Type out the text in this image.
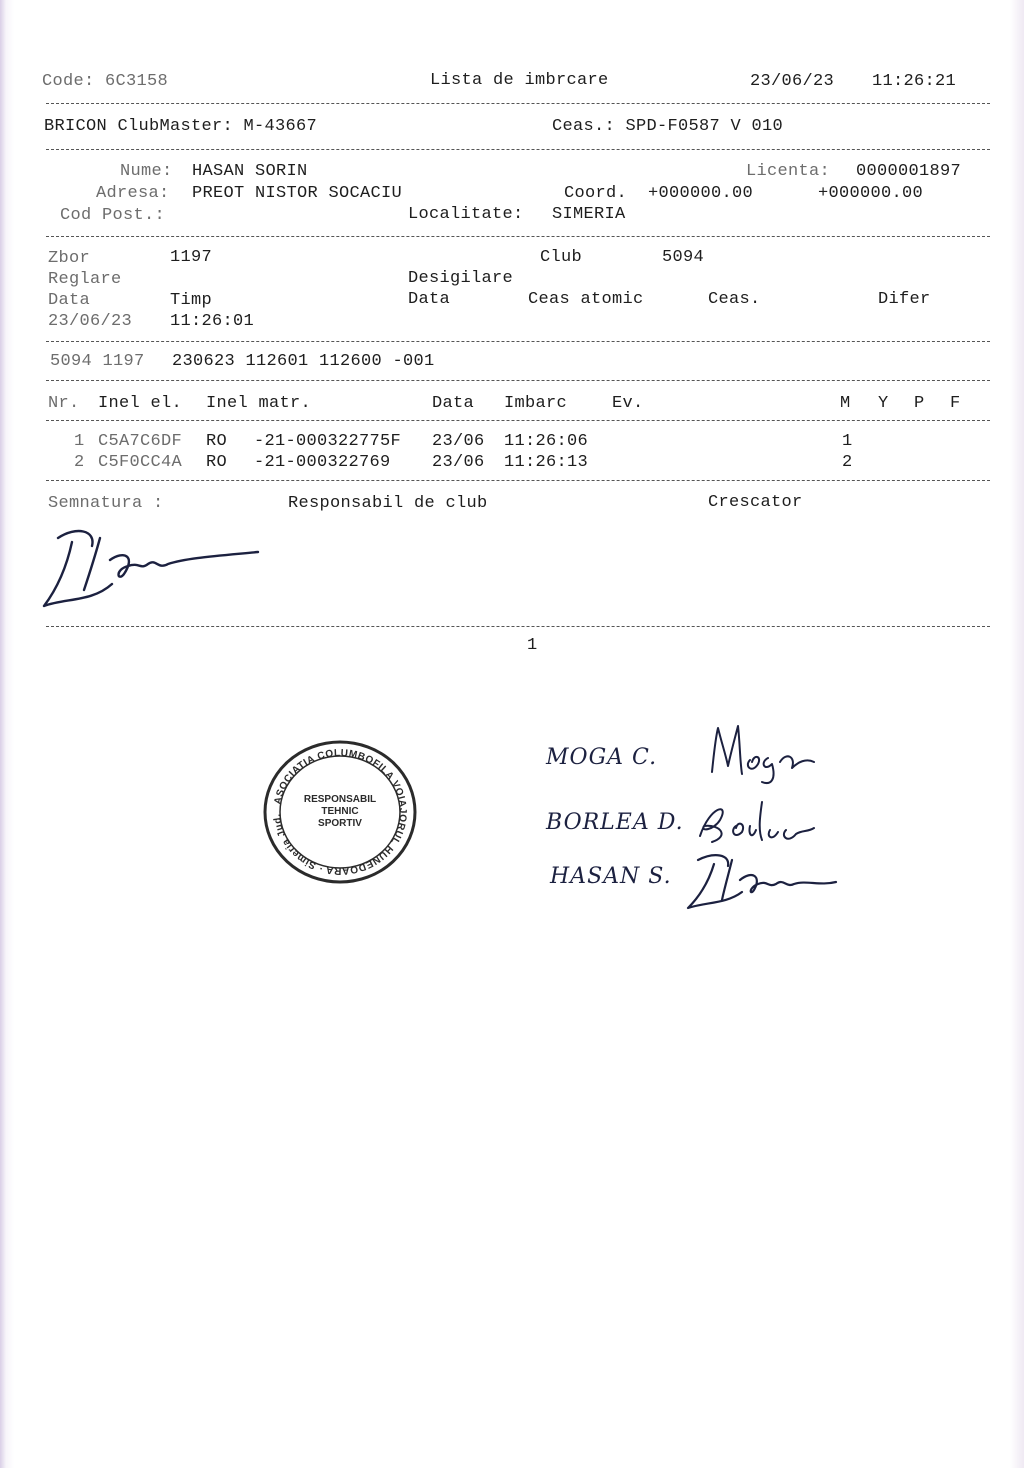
Code: 6C3158	Lista de imbrcare	23/06/23 11:26:21
BRICON ClubMaster: M-43667	Ceas.: SPD-F0587 V 010
Nume: HASAN SORIN	Licenta: 0000001897
Adresa: PREOT NISTOR SOCACIU	Coord. +000000.00	+000000.00
Cod Post.:	Localitate: SIMERIA
Zbor	1197	Club	5094
Reglare	Desigilare
Data	Timp	Data	Ceas atomic	Ceas.	Difer
23/06/23 11:26:01
5094 1197 230623 112601 112600 -001
Nr. Inel el. Inel matr.	Data Imbarc	Ev.	M Y P F
1 C5A7C6DF RO -21-000322775F 23/06 11:26:06	1
2 C5F0CC4A RO -21-000322769 23/06 11:26:13	2
Semnatura :	Responsabil de club	Crescator
1
ASOCIATIA COLUMBOFILA VOIAJORUL HUNEDOARA · Simeria Jud. Hunedoara ·
RESPONSABIL
TEHNIC
SPORTIV
MOGA C.
BORLEA D.
HASAN S.
